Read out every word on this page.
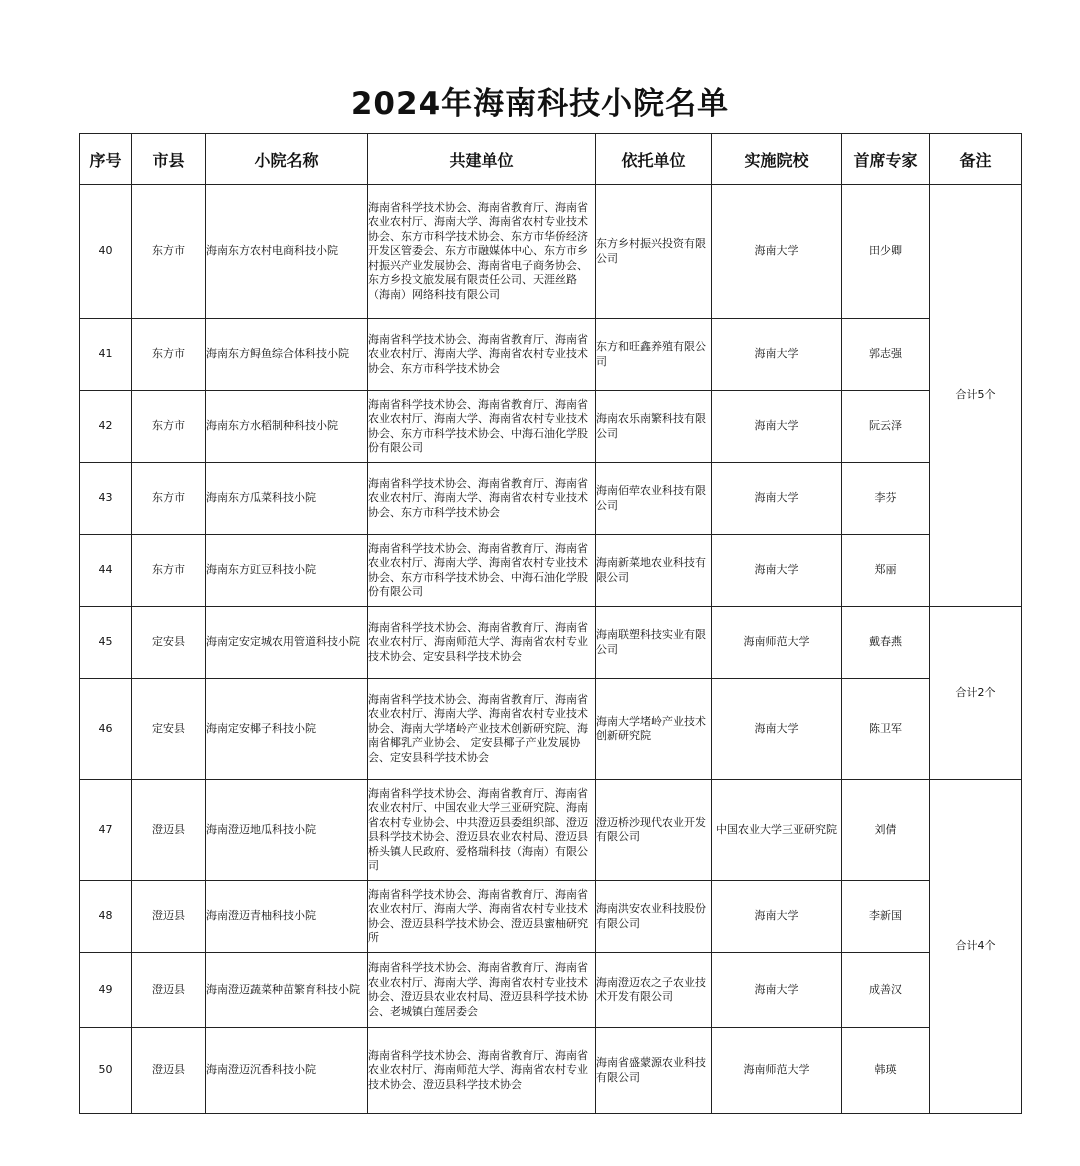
2024年海南科技小院名单
序号	市县	小院名称	共建单位	依托单位	实施院校	首席专家	备注
40	东方市	海南东方农村电商科技小院	海南省科学技术协会、海南省教育厅、海南省农业农村厅、海南大学、海南省农村专业技术协会、东方市科学技术协会、东方市华侨经济开发区管委会、东方市融媒体中心、东方市乡村振兴产业发展协会、海南省电子商务协会、东方乡投文旅发展有限责任公司、天涯丝路（海南）网络科技有限公司	东方乡村振兴投资有限公司	海南大学	田少卿	合计5个
41	东方市	海南东方鲟鱼综合体科技小院	海南省科学技术协会、海南省教育厅、海南省农业农村厅、海南大学、海南省农村专业技术协会、东方市科学技术协会	东方和旺鑫养殖有限公司	海南大学	郭志强	
42	东方市	海南东方水稻制种科技小院	海南省科学技术协会、海南省教育厅、海南省农业农村厅、海南大学、海南省农村专业技术协会、东方市科学技术协会、中海石油化学股份有限公司	海南农乐南繁科技有限公司	海南大学	阮云泽	
43	东方市	海南东方瓜菜科技小院	海南省科学技术协会、海南省教育厅、海南省农业农村厅、海南大学、海南省农村专业技术协会、东方市科学技术协会	海南佰荦农业科技有限公司	海南大学	李芬	
44	东方市	海南东方豇豆科技小院	海南省科学技术协会、海南省教育厅、海南省农业农村厅、海南大学、海南省农村专业技术协会、东方市科学技术协会、中海石油化学股份有限公司	海南新菜地农业科技有限公司	海南大学	郑丽	
45	定安县	海南定安定城农用管道科技小院	海南省科学技术协会、海南省教育厅、海南省农业农村厅、海南师范大学、海南省农村专业技术协会、定安县科学技术协会	海南联塑科技实业有限公司	海南师范大学	戴春燕	合计2个
46	定安县	海南定安椰子科技小院	海南省科学技术协会、海南省教育厅、海南省农业农村厅、海南大学、海南省农村专业技术协会、海南大学堵岭产业技术创新研究院、海南省椰乳产业协会、 定安县椰子产业发展协会、定安县科学技术协会	海南大学堵岭产业技术创新研究院	海南大学	陈卫军	
47	澄迈县	海南澄迈地瓜科技小院	海南省科学技术协会、海南省教育厅、海南省农业农村厅、中国农业大学三亚研究院、海南省农村专业协会、中共澄迈县委组织部、澄迈县科学技术协会、澄迈县农业农村局、澄迈县桥头镇人民政府、爱格瑞科技（海南）有限公司	澄迈桥沙现代农业开发有限公司	中国农业大学三亚研究院	刘倩	合计4个
48	澄迈县	海南澄迈青柚科技小院	海南省科学技术协会、海南省教育厅、海南省农业农村厅、海南大学、海南省农村专业技术协会、澄迈县科学技术协会、澄迈县蜜柚研究所	海南洪安农业科技股份有限公司	海南大学	李新国	
49	澄迈县	海南澄迈蔬菜种苗繁育科技小院	海南省科学技术协会、海南省教育厅、海南省农业农村厅、海南大学、海南省农村专业技术协会、澄迈县农业农村局、澄迈县科学技术协会、老城镇白莲居委会	海南澄迈农之子农业技术开发有限公司	海南大学	成善汉	
50	澄迈县	海南澄迈沉香科技小院	海南省科学技术协会、海南省教育厅、海南省农业农村厅、海南师范大学、海南省农村专业技术协会、澄迈县科学技术协会	海南省盛蒙源农业科技有限公司	海南师范大学	韩瑛	
